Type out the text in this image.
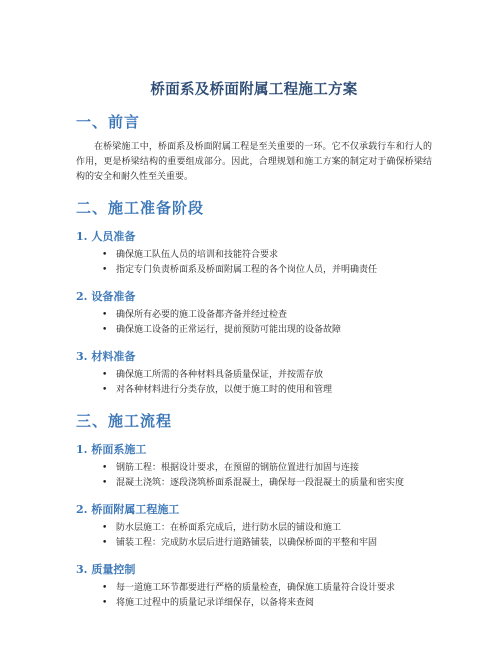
桥面系及桥面附属工程施工方案
一、前言

在桥梁施工中，桥面系及桥面附属工程是至关重要的一环。它不仅承载行车和行人的作用，更是桥梁结构的重要组成部分。因此，合理规划和施工方案的制定对于确保桥梁结构的安全和耐久性至关重要。

二、施工准备阶段
1. 人员准备
• 确保施工队伍人员的培训和技能符合要求
• 指定专门负责桥面系及桥面附属工程的各个岗位人员，并明确责任
2. 设备准备
• 确保所有必要的施工设备都齐备并经过检查
• 确保施工设备的正常运行，提前预防可能出现的设备故障
3. 材料准备
• 确保施工所需的各种材料具备质量保证，并按需存放
• 对各种材料进行分类存放，以便于施工时的使用和管理
三、施工流程
1. 桥面系施工
• 钢筋工程：根据设计要求，在预留的钢筋位置进行加固与连接
• 混凝土浇筑：逐段浇筑桥面系混凝土，确保每一段混凝土的质量和密实度
2. 桥面附属工程施工
• 防水层施工：在桥面系完成后，进行防水层的铺设和施工
• 铺装工程：完成防水层后进行道路铺装，以确保桥面的平整和牢固
3. 质量控制
• 每一道施工环节都要进行严格的质量检查，确保施工质量符合设计要求
• 将施工过程中的质量记录详细保存，以备将来查阅
